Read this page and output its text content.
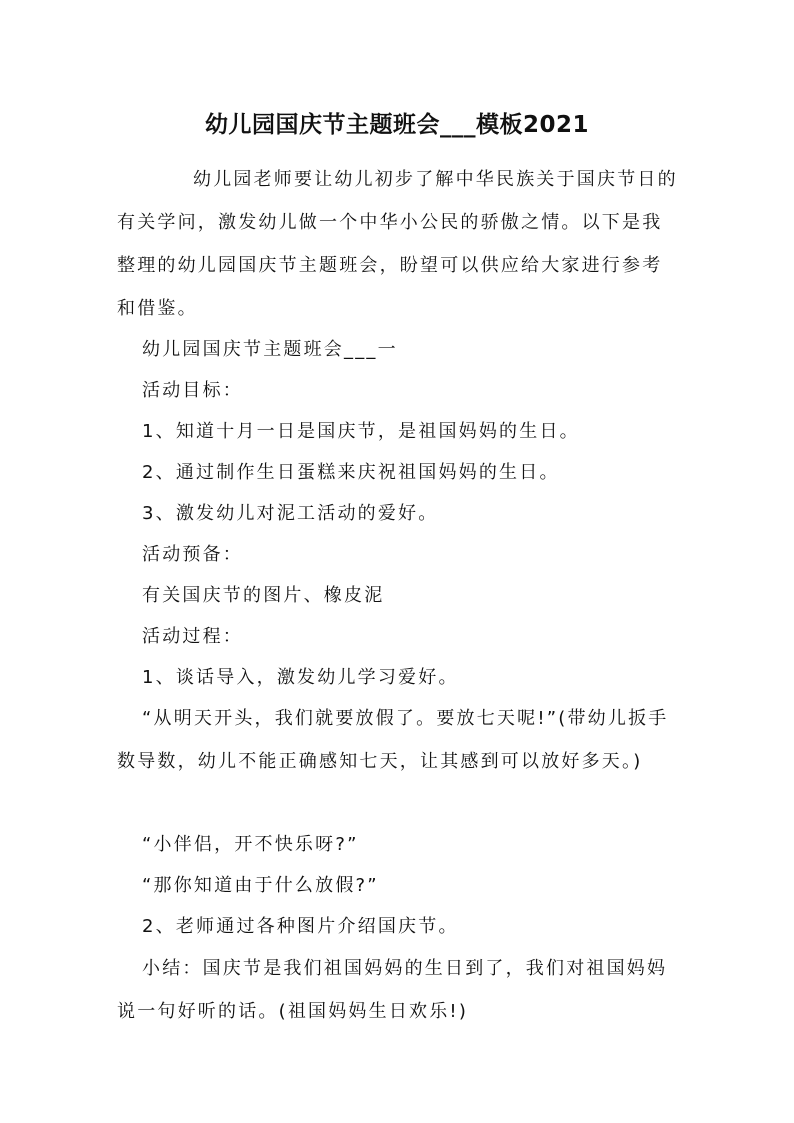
幼儿园国庆节主题班会___模板2021
幼儿园老师要让幼儿初步了解中华民族关于国庆节日的有关学问，激发幼儿做一个中华小公民的骄傲之情。以下是我整理的幼儿园国庆节主题班会，盼望可以供应给大家进行参考和借鉴。
幼儿园国庆节主题班会___一
活动目标：
1、知道十月一日是国庆节，是祖国妈妈的生日。
2、通过制作生日蛋糕来庆祝祖国妈妈的生日。
3、激发幼儿对泥工活动的爱好。
活动预备：
有关国庆节的图片、橡皮泥
活动过程：
1、谈话导入，激发幼儿学习爱好。
“从明天开头，我们就要放假了。要放七天呢!”(带幼儿扳手数导数，幼儿不能正确感知七天，让其感到可以放好多天。)
“小伴侣，开不快乐呀?”
“那你知道由于什么放假?”
2、老师通过各种图片介绍国庆节。
小结：国庆节是我们祖国妈妈的生日到了，我们对祖国妈妈说一句好听的话。(祖国妈妈生日欢乐!)
